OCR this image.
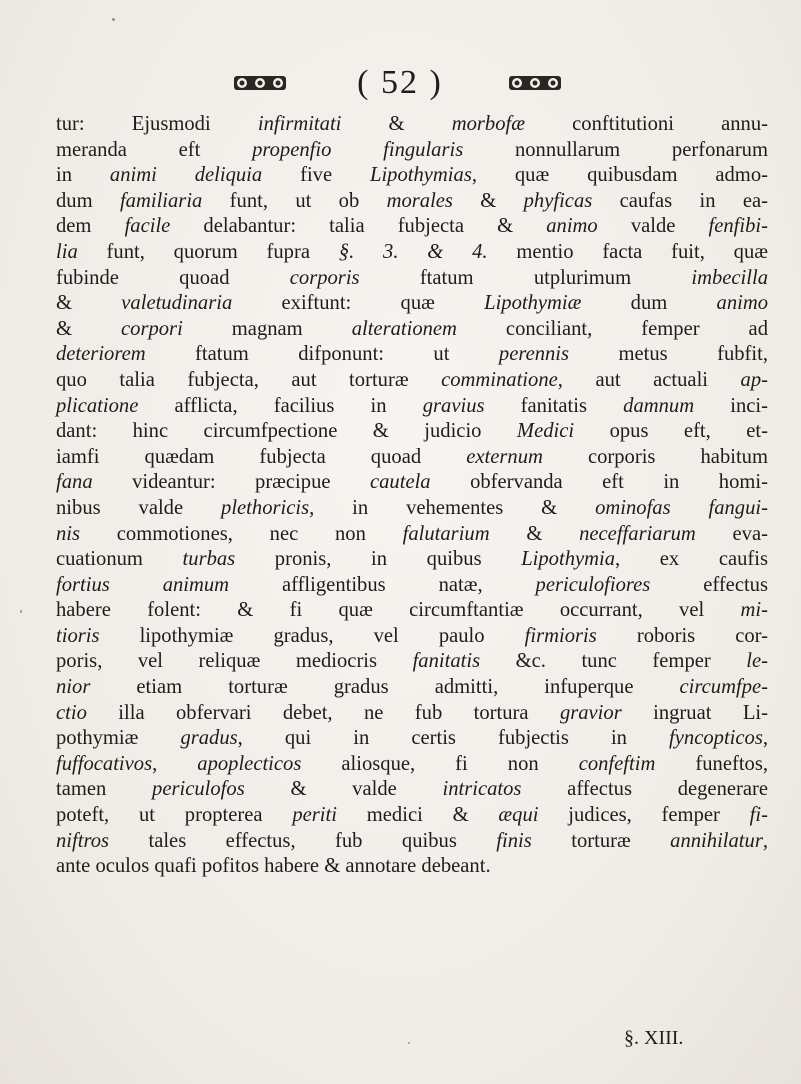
( 52 )
tur: Ejusmodi infirmitati & morbofæ conftitutioni annu-
meranda eft propenfio fingularis nonnullarum perfonarum
in animi deliquia five Lipothymias, quæ quibusdam admo-
dum familiaria funt, ut ob morales & phyficas caufas in ea-
dem facile delabantur: talia fubjecta & animo valde fenfibi-
lia funt, quorum fupra §. 3. & 4. mentio facta fuit, quæ
fubinde quoad corporis ftatum utplurimum imbecilla
& valetudinaria exiftunt: quæ Lipothymiæ dum animo
& corpori magnam alterationem conciliant, femper ad
deteriorem ftatum difponunt: ut perennis metus fubfit,
quo talia fubjecta, aut torturæ comminatione, aut actuali ap-
plicatione afflicta, facilius in gravius fanitatis damnum inci-
dant: hinc circumfpectione & judicio Medici opus eft, et-
iamfi quædam fubjecta quoad externum corporis habitum
fana videantur: præcipue cautela obfervanda eft in homi-
nibus valde plethoricis, in vehementes & ominofas fangui-
nis commotiones, nec non falutarium & neceffariarum eva-
cuationum turbas pronis, in quibus Lipothymia, ex caufis
fortius animum affligentibus natæ, periculofiores effectus
habere folent: & fi quæ circumftantiæ occurrant, vel mi-
tioris lipothymiæ gradus, vel paulo firmioris roboris cor-
poris, vel reliquæ mediocris fanitatis &c. tunc femper le-
nior etiam torturæ gradus admitti, infuperque circumfpe-
ctio illa obfervari debet, ne fub tortura gravior ingruat Li-
pothymiæ gradus, qui in certis fubjectis in fyncopticos,
fuffocativos, apoplecticos aliosque, fi non confeftim funeftos,
tamen periculofos & valde intricatos affectus degenerare
poteft, ut propterea periti medici & æqui judices, femper fi-
niftros tales effectus, fub quibus finis torturæ annihilatur,
ante oculos quafi pofitos habere & annotare debeant.
§. XIII.
